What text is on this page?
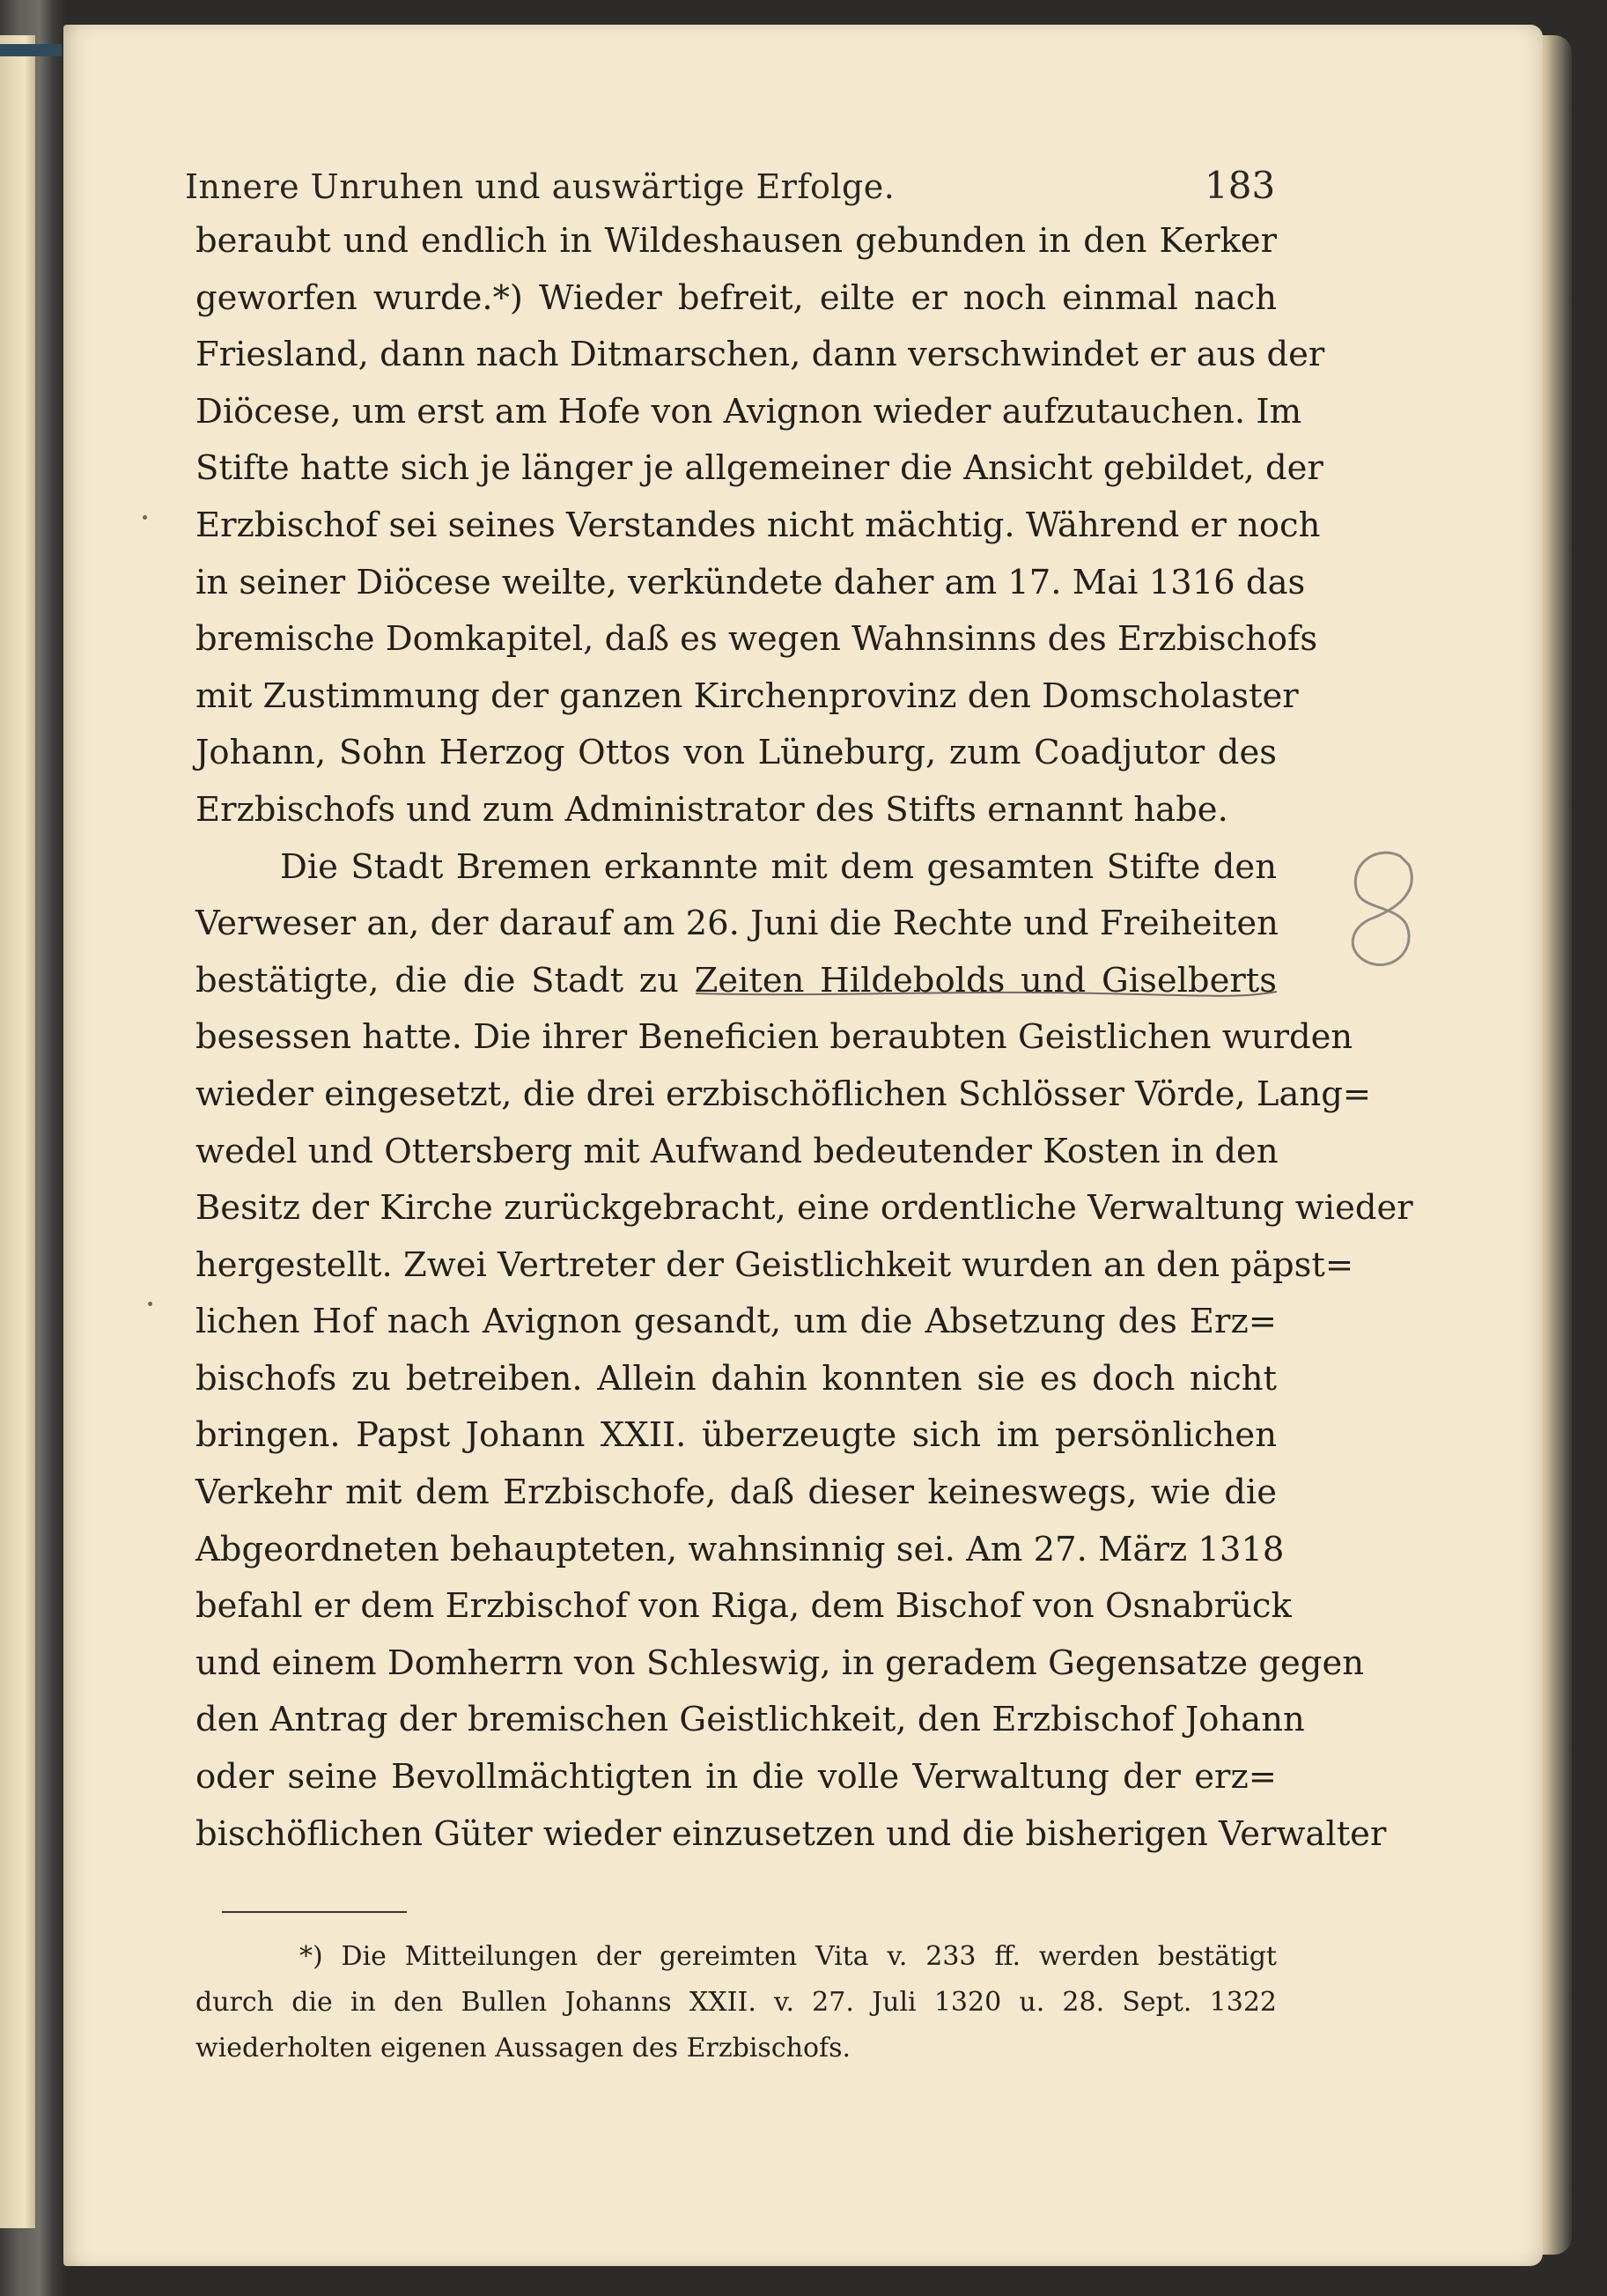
Innere Unruhen und auswärtige Erfolge.	183
beraubt und endlich in Wildeshausen gebunden in den Kerker
geworfen wurde.*) Wieder befreit, eilte er noch einmal nach
Friesland, dann nach Ditmarschen, dann verschwindet er aus der
Diöcese, um erst am Hofe von Avignon wieder aufzutauchen. Im
Stifte hatte sich je länger je allgemeiner die Ansicht gebildet, der
Erzbischof sei seines Verstandes nicht mächtig. Während er noch
in seiner Diöcese weilte, verkündete daher am 17. Mai 1316 das
bremische Domkapitel, daß es wegen Wahnsinns des Erzbischofs
mit Zustimmung der ganzen Kirchenprovinz den Domscholaster
Johann, Sohn Herzog Ottos von Lüneburg, zum Coadjutor des
Erzbischofs und zum Administrator des Stifts ernannt habe.
Die Stadt Bremen erkannte mit dem gesamten Stifte den
Verweser an, der darauf am 26. Juni die Rechte und Freiheiten
bestätigte, die die Stadt zu Zeiten Hildebolds und Giselberts
besessen hatte. Die ihrer Beneficien beraubten Geistlichen wurden
wieder eingesetzt, die drei erzbischöflichen Schlösser Vörde, Lang=
wedel und Ottersberg mit Aufwand bedeutender Kosten in den
Besitz der Kirche zurückgebracht, eine ordentliche Verwaltung wieder
hergestellt. Zwei Vertreter der Geistlichkeit wurden an den päpst=
lichen Hof nach Avignon gesandt, um die Absetzung des Erz=
bischofs zu betreiben. Allein dahin konnten sie es doch nicht
bringen. Papst Johann XXII. überzeugte sich im persönlichen
Verkehr mit dem Erzbischofe, daß dieser keineswegs, wie die
Abgeordneten behaupteten, wahnsinnig sei. Am 27. März 1318
befahl er dem Erzbischof von Riga, dem Bischof von Osnabrück
und einem Domherrn von Schleswig, in geradem Gegensatze gegen
den Antrag der bremischen Geistlichkeit, den Erzbischof Johann
oder seine Bevollmächtigten in die volle Verwaltung der erz=
bischöflichen Güter wieder einzusetzen und die bisherigen Verwalter
*) Die Mitteilungen der gereimten Vita v. 233 ff. werden bestätigt
durch die in den Bullen Johanns XXII. v. 27. Juli 1320 u. 28. Sept. 1322
wiederholten eigenen Aussagen des Erzbischofs.
